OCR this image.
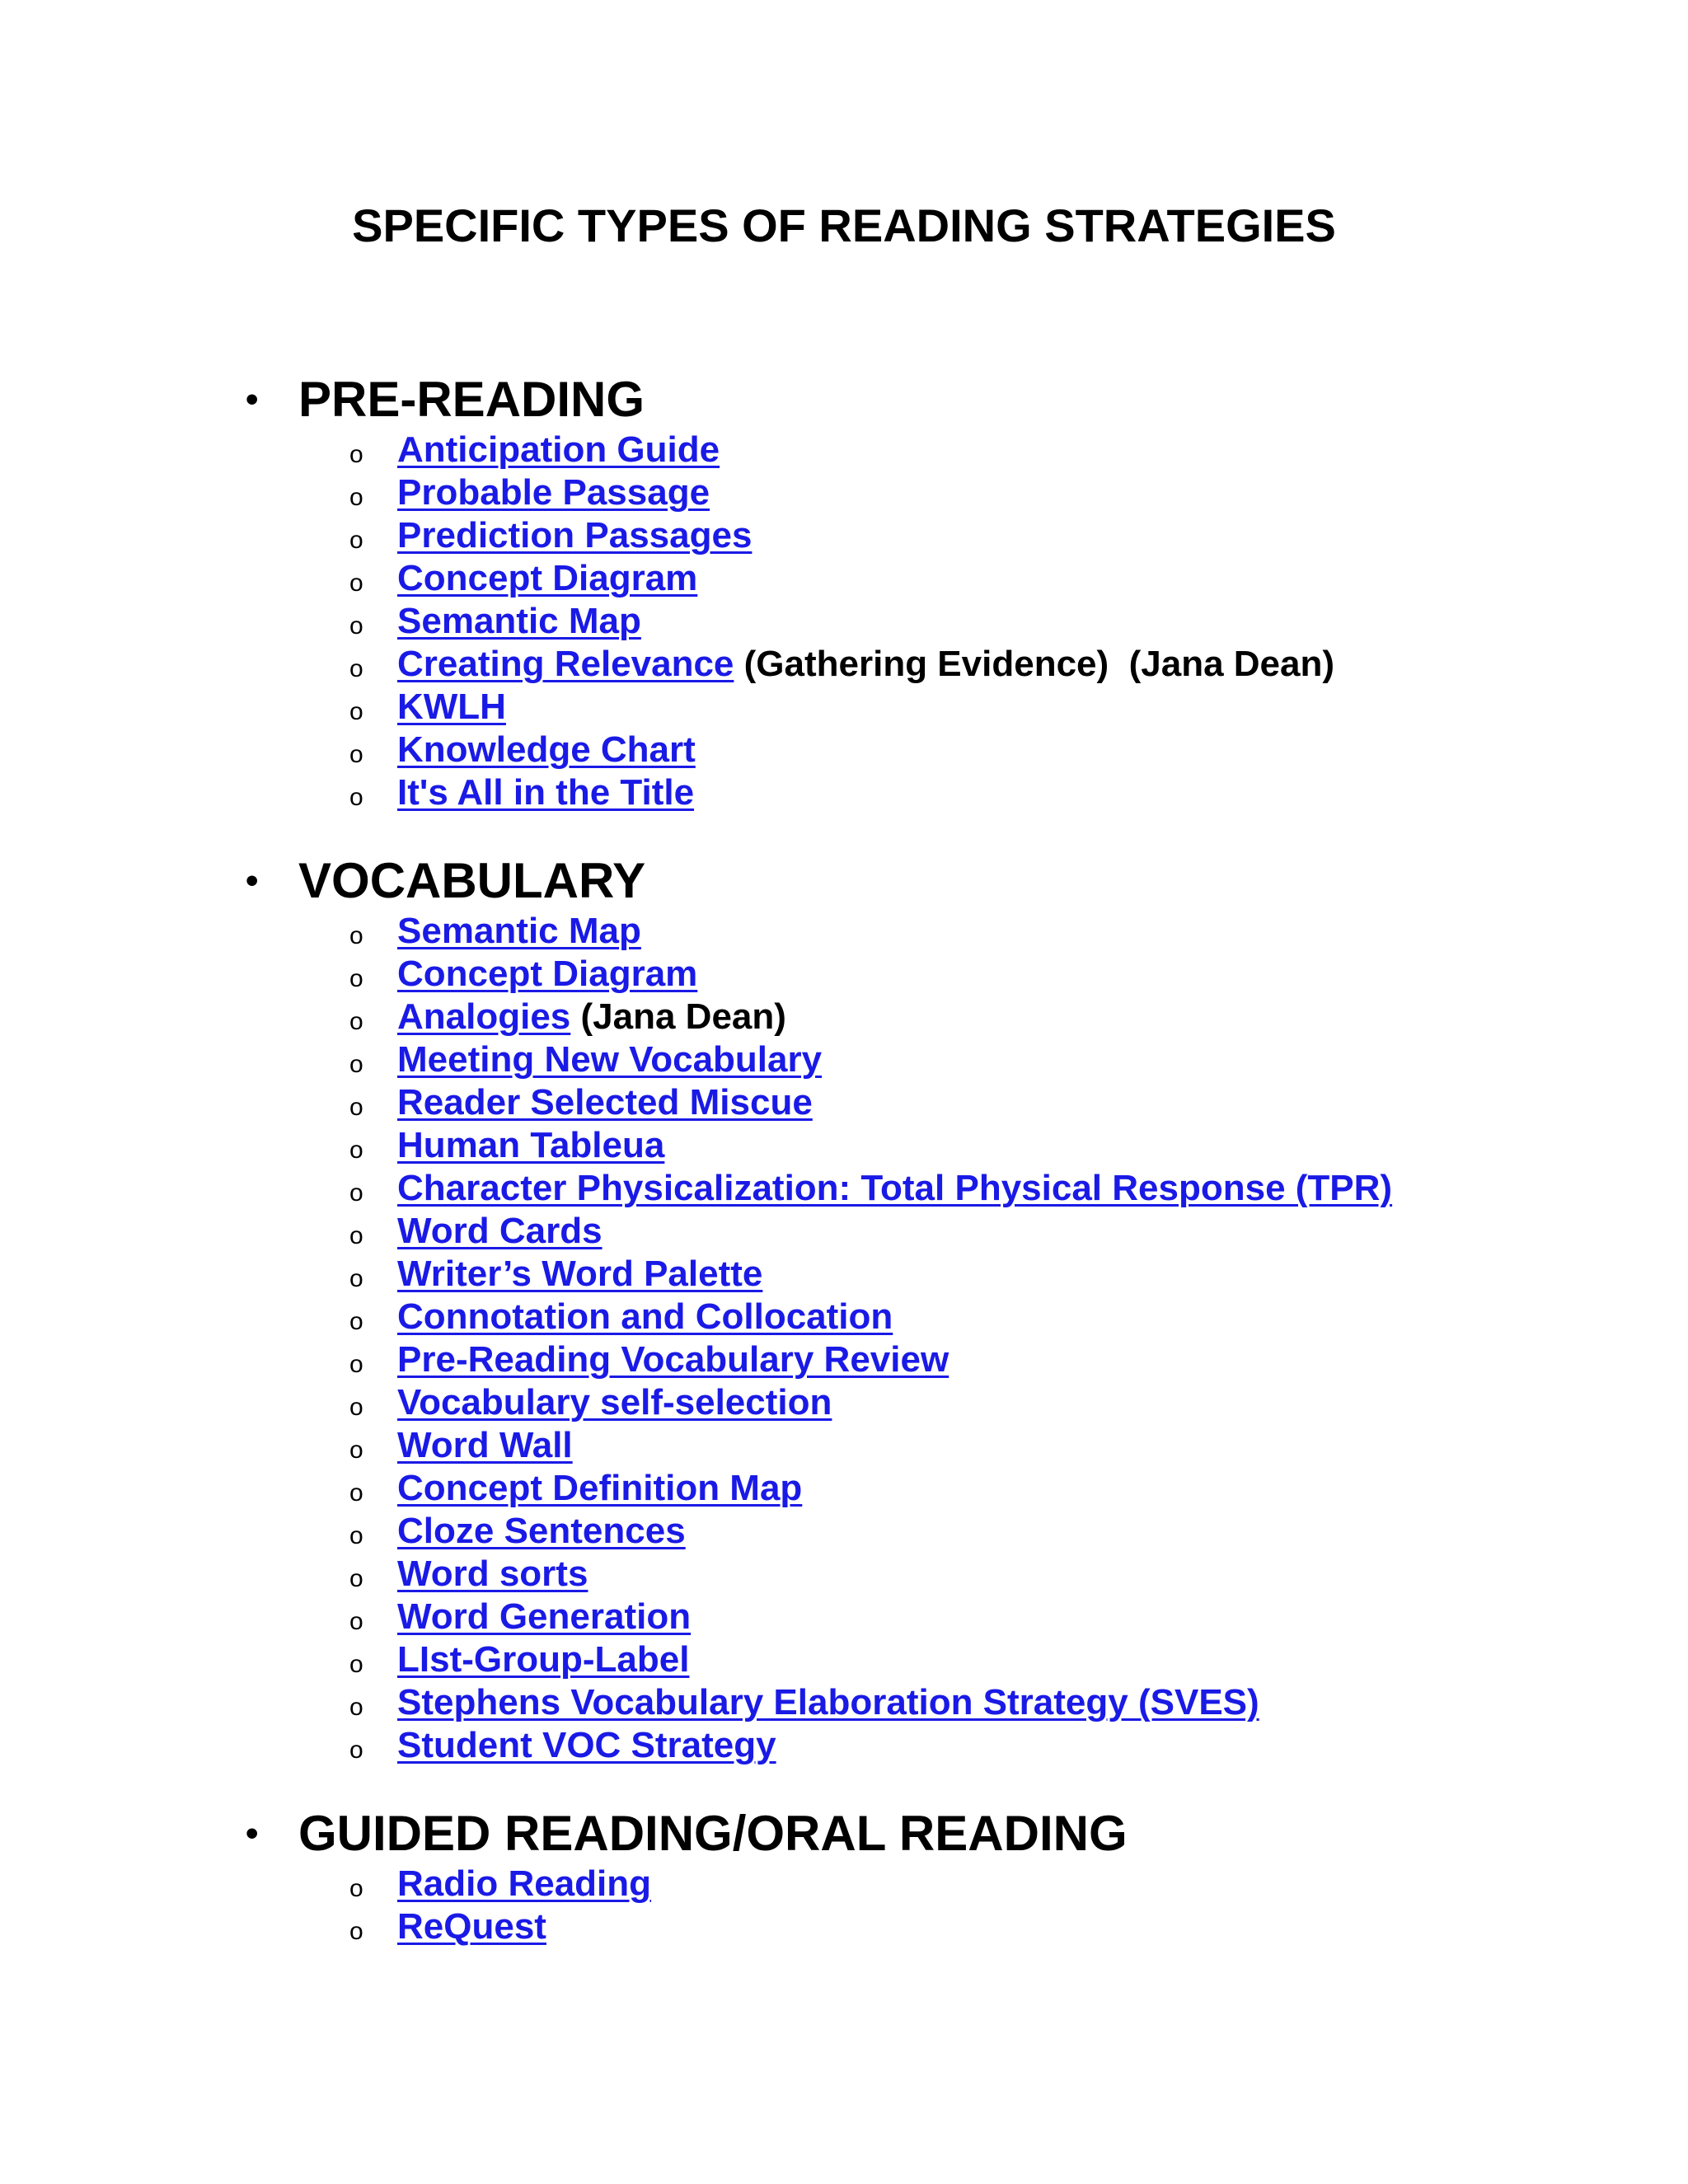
SPECIFIC TYPES OF READING STRATEGIES
• PRE-READING
o Anticipation Guide
o Probable Passage
o Prediction Passages
o Concept Diagram
o Semantic Map
o Creating Relevance (Gathering Evidence)  (Jana Dean)
o KWLH
o Knowledge Chart
o It's All in the Title
• VOCABULARY
o Semantic Map
o Concept Diagram
o Analogies (Jana Dean)
o Meeting New Vocabulary
o Reader Selected Miscue
o Human Tableua
o Character Physicalization: Total Physical Response (TPR)
o Word Cards
o Writer’s Word Palette
o Connotation and Collocation
o Pre-Reading Vocabulary Review
o Vocabulary self-selection
o Word Wall
o Concept Definition Map
o Cloze Sentences
o Word sorts
o Word Generation
o LIst-Group-Label
o Stephens Vocabulary Elaboration Strategy (SVES)
o Student VOC Strategy
• GUIDED READING/ORAL READING
o Radio Reading
o ReQuest
